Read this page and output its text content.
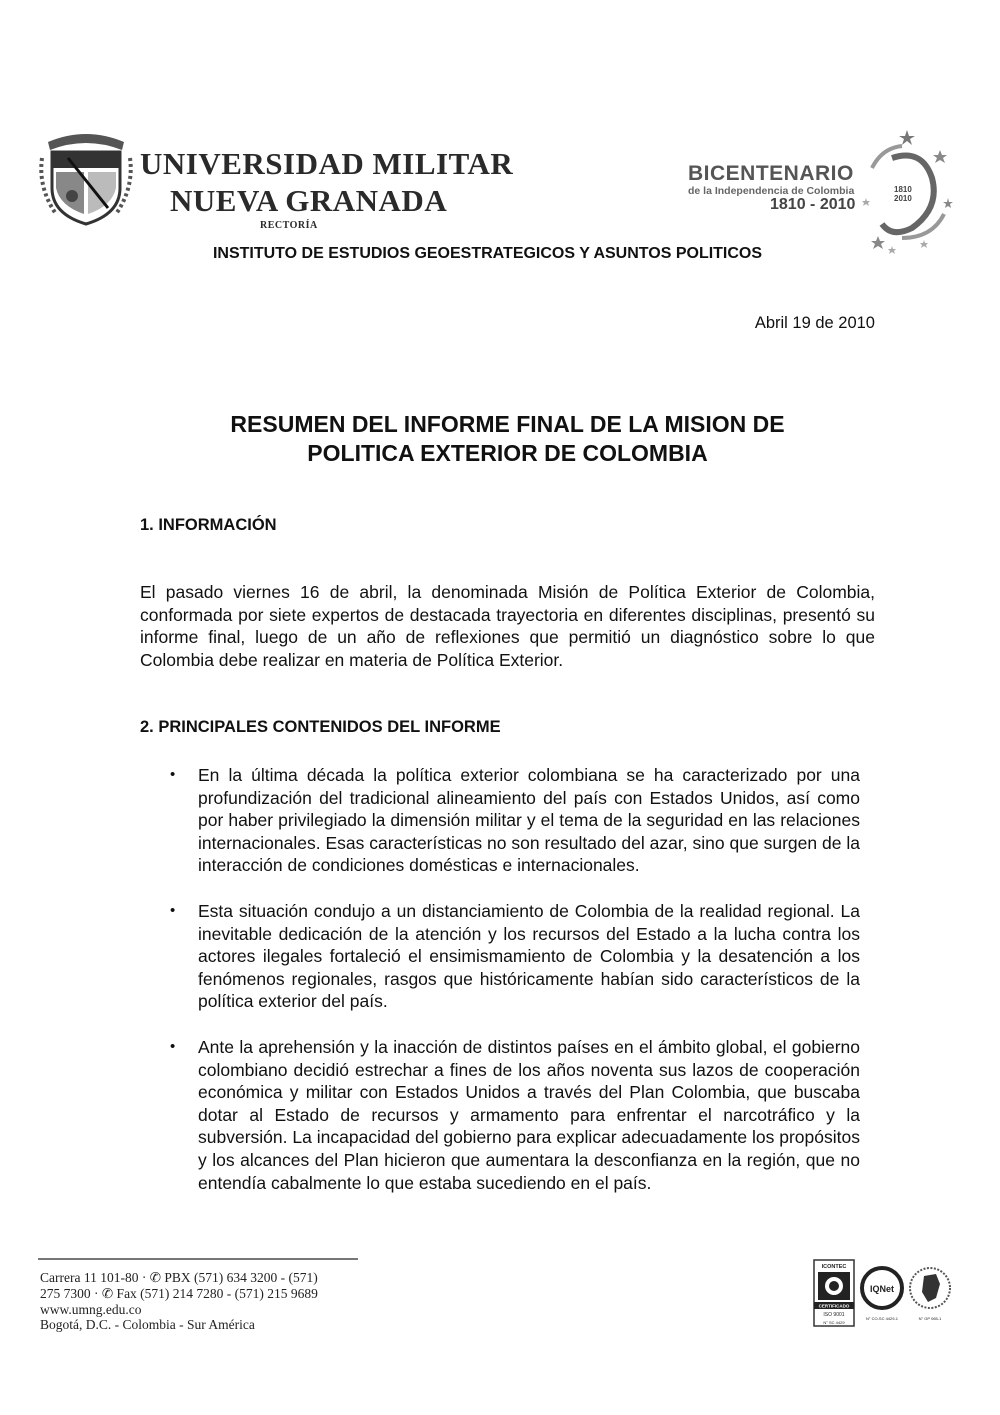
UNIVERSIDAD MILITAR
NUEVA GRANADA
RECTORÍA
BICENTENARIO
de la Independencia de Colombia
1810 - 2010
1810
2010
INSTITUTO DE ESTUDIOS GEOESTRATEGICOS Y ASUNTOS POLITICOS
Abril 19 de 2010
RESUMEN DEL INFORME FINAL DE LA MISION DE
POLITICA EXTERIOR DE COLOMBIA
1. INFORMACIÓN
El pasado viernes 16 de abril, la denominada Misión de Política Exterior de Colombia, conformada por siete expertos de destacada trayectoria en diferentes disciplinas, presentó su informe final, luego de un año de reflexiones que permitió un diagnóstico sobre lo que Colombia debe realizar en materia de Política Exterior.
2. PRINCIPALES CONTENIDOS DEL INFORME
• En la última década la política exterior colombiana se ha caracterizado por una profundización del tradicional alineamiento del país con Estados Unidos, así como por haber privilegiado la dimensión militar y el tema de la seguridad en las relaciones internacionales. Esas características no son resultado del azar, sino que surgen de la interacción de condiciones domésticas e internacionales.
• Esta situación condujo a un distanciamiento de Colombia de la realidad regional. La inevitable dedicación de la atención y los recursos del Estado a la lucha contra los actores ilegales fortaleció el ensimismamiento de Colombia y la desatención a los fenómenos regionales, rasgos que históricamente habían sido característicos de la política exterior del país.
• Ante la aprehensión y la inacción de distintos países en el ámbito global, el gobierno colombiano decidió estrechar a fines de los años noventa sus lazos de cooperación económica y militar con Estados Unidos a través del Plan Colombia, que buscaba dotar al Estado de recursos y armamento para enfrentar el narcotráfico y la subversión. La incapacidad del gobierno para explicar adecuadamente los propósitos y los alcances del Plan hicieron que aumentara la desconfianza en la región, que no entendía cabalmente lo que estaba sucediendo en el país.
Carrera 11 101-80 · ✆ PBX (571) 634 3200 - (571)
275 7300 · ✆ Fax (571) 214 7280 - (571) 215 9689
www.umng.edu.co
Bogotá, D.C. - Colombia - Sur América
ICONTEC
CERTIFICADO
ISO 9001
N° SC 4429
IQNet
N° CO-SC 4429-1	N° GP 065-1
